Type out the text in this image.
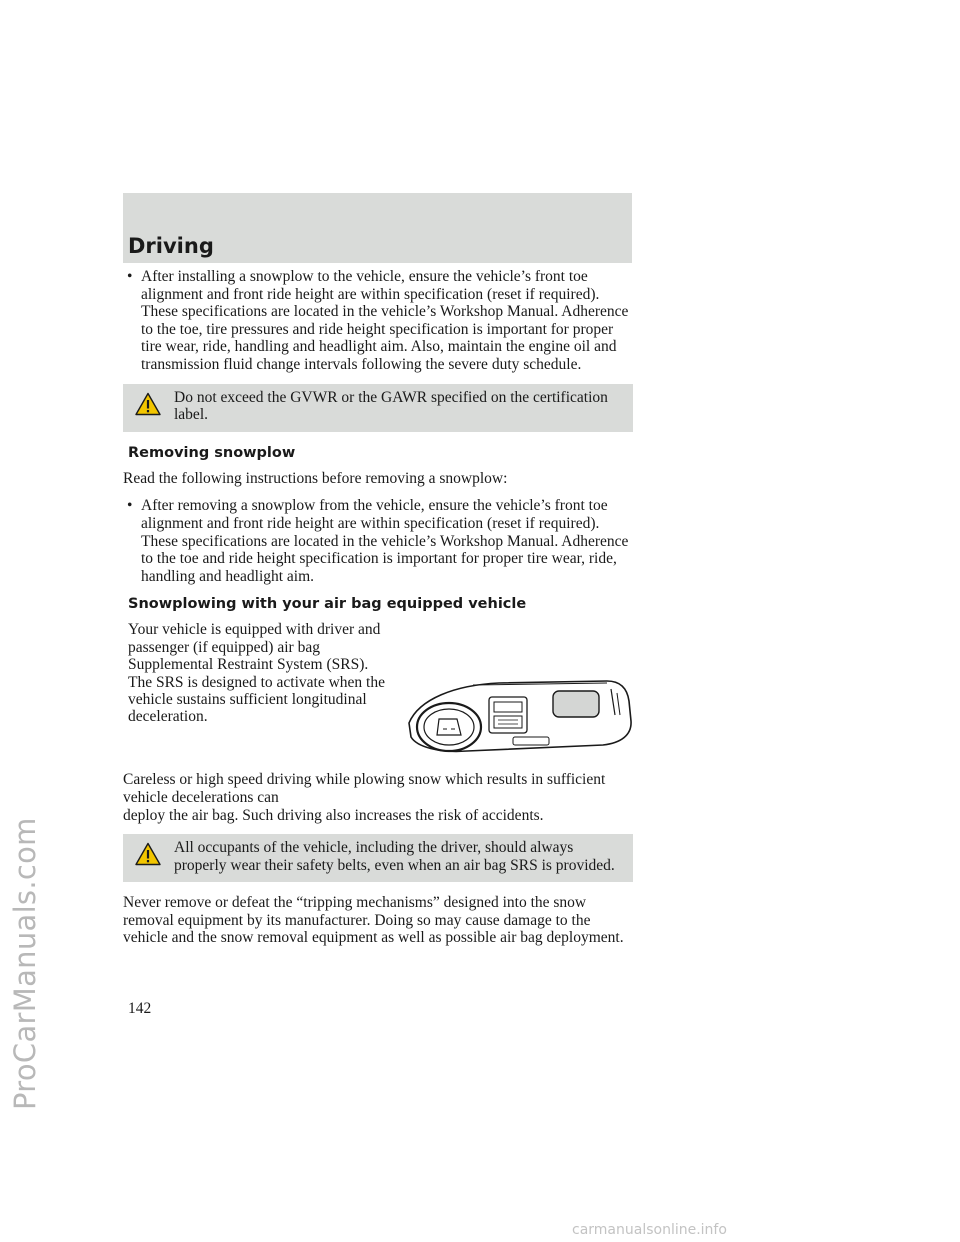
Driving
ProCarManuals.com
• After installing a snowplow to the vehicle, ensure the vehicle’s front toe alignment and front ride height are within specification (reset if required). These specifications are located in the vehicle’s Workshop Manual. Adherence to the toe, tire pressures and ride height specification is important for proper tire wear, ride, handling and headlight aim. Also, maintain the engine oil and transmission fluid change intervals following the severe duty schedule.
Do not exceed the GVWR or the GAWR specified on the certification label.
Removing snowplow

Read the following instructions before removing a snowplow:

• After removing a snowplow from the vehicle, ensure the vehicle’s front toe alignment and front ride height are within specification (reset if required). These specifications are located in the vehicle’s Workshop Manual. Adherence to the toe and ride height specification is important for proper tire wear, ride, handling and headlight aim.
Snowplowing with your air bag equipped vehicle

Your vehicle is equipped with driver and passenger (if equipped) air bag Supplemental Restraint System (SRS). The SRS is designed to activate when the vehicle sustains sufficient longitudinal deceleration.

Careless or high speed driving while plowing snow which results in sufficient vehicle decelerations can
deploy the air bag. Such driving also increases the risk of accidents.

All occupants of the vehicle, including the driver, should always
properly wear their safety belts, even when an air bag SRS is provided.

Never remove or defeat the “tripping mechanisms” designed into the snow removal equipment by its manufacturer. Doing so may cause damage to the vehicle and the snow removal equipment as well as possible air bag deployment.

142

carmanualsonline.info
